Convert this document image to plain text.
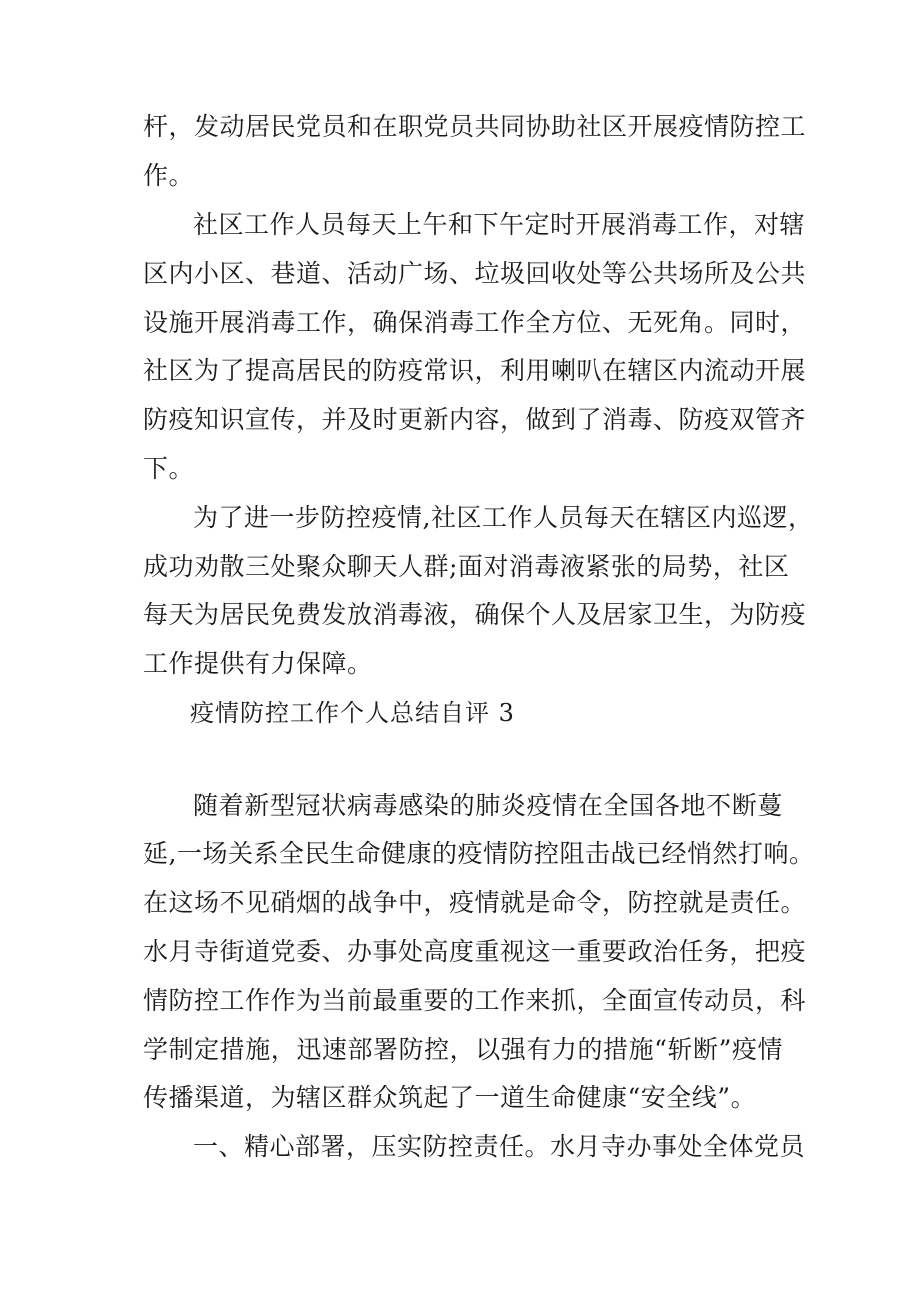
杆，发动居民党员和在职党员共同协助社区开展疫情防控工
作。
社区工作人员每天上午和下午定时开展消毒工作，对辖
区内小区、巷道、活动广场、垃圾回收处等公共场所及公共
设施开展消毒工作，确保消毒工作全方位、无死角。同时，
社区为了提高居民的防疫常识，利用喇叭在辖区内流动开展
防疫知识宣传，并及时更新内容，做到了消毒、防疫双管齐
下。
为了进一步防控疫情,社区工作人员每天在辖区内巡逻，
成功劝散三处聚众聊天人群;面对消毒液紧张的局势，社区
每天为居民免费发放消毒液，确保个人及居家卫生，为防疫
工作提供有力保障。
疫情防控工作个人总结自评 3
随着新型冠状病毒感染的肺炎疫情在全国各地不断蔓
延,一场关系全民生命健康的疫情防控阻击战已经悄然打响。
在这场不见硝烟的战争中，疫情就是命令，防控就是责任。
水月寺街道党委、办事处高度重视这一重要政治任务，把疫
情防控工作作为当前最重要的工作来抓，全面宣传动员，科
学制定措施，迅速部署防控，以强有力的措施“斩断”疫情
传播渠道，为辖区群众筑起了一道生命健康“安全线”。
一、精心部署，压实防控责任。水月寺办事处全体党员
